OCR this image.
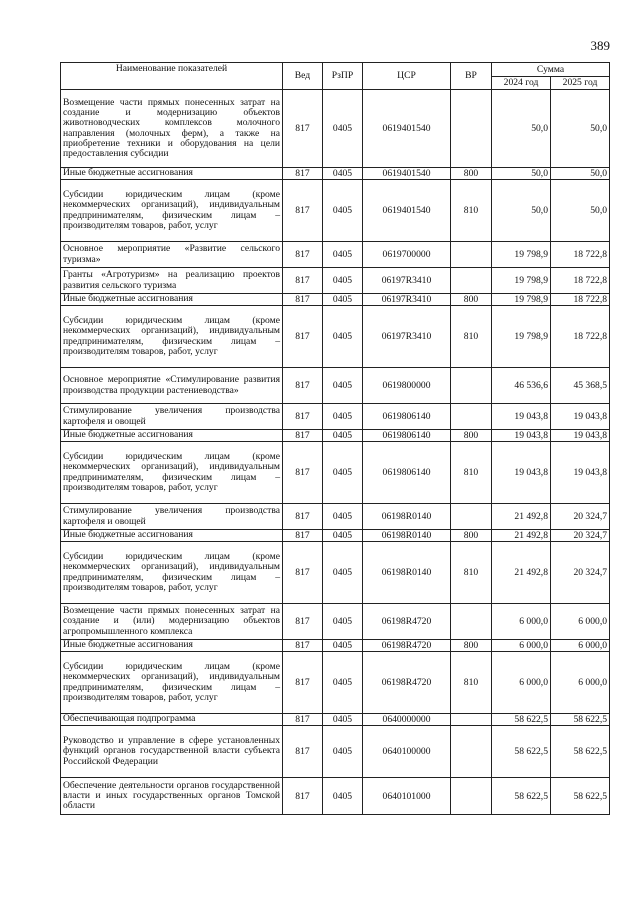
389
Наименование показателей	Вед	РзПР	ЦСР	ВР	Сумма	
					2024 год	2025 год
Возмещение части прямых понесенных затрат на создание и модернизацию объектов животноводческих комплексов молочного направления (молочных ферм), а также на приобретение техники и оборудования на цели предоставления субсидии	817	0405	0619401540		50,0	50,0
Иные бюджетные ассигнования	817	0405	0619401540	800	50,0	50,0
Субсидии юридическим лицам (кроме некоммерческих организаций), индивидуальным предпринимателям, физическим лицам – производителям товаров, работ, услуг	817	0405	0619401540	810	50,0	50,0
Основное мероприятие «Развитие сельского туризма»	817	0405	0619700000		19 798,9	18 722,8
Гранты «Агротуризм» на реализацию проектов развития сельского туризма	817	0405	06197R3410		19 798,9	18 722,8
Иные бюджетные ассигнования	817	0405	06197R3410	800	19 798,9	18 722,8
Субсидии юридическим лицам (кроме некоммерческих организаций), индивидуальным предпринимателям, физическим лицам – производителям товаров, работ, услуг	817	0405	06197R3410	810	19 798,9	18 722,8
Основное мероприятие «Стимулирование развития производства продукции растениеводства»	817	0405	0619800000		46 536,6	45 368,5
Стимулирование увеличения производства картофеля и овощей	817	0405	0619806140		19 043,8	19 043,8
Иные бюджетные ассигнования	817	0405	0619806140	800	19 043,8	19 043,8
Субсидии юридическим лицам (кроме некоммерческих организаций), индивидуальным предпринимателям, физическим лицам – производителям товаров, работ, услуг	817	0405	0619806140	810	19 043,8	19 043,8
Стимулирование увеличения производства картофеля и овощей	817	0405	06198R0140		21 492,8	20 324,7
Иные бюджетные ассигнования	817	0405	06198R0140	800	21 492,8	20 324,7
Субсидии юридическим лицам (кроме некоммерческих организаций), индивидуальным предпринимателям, физическим лицам – производителям товаров, работ, услуг	817	0405	06198R0140	810	21 492,8	20 324,7
Возмещение части прямых понесенных затрат на создание и (или) модернизацию объектов агропромышленного комплекса	817	0405	06198R4720		6 000,0	6 000,0
Иные бюджетные ассигнования	817	0405	06198R4720	800	6 000,0	6 000,0
Субсидии юридическим лицам (кроме некоммерческих организаций), индивидуальным предпринимателям, физическим лицам – производителям товаров, работ, услуг	817	0405	06198R4720	810	6 000,0	6 000,0
Обеспечивающая подпрограмма	817	0405	0640000000		58 622,5	58 622,5
Руководство и управление в сфере установленных функций органов государственной власти субъекта Российской Федерации	817	0405	0640100000		58 622,5	58 622,5
Обеспечение деятельности органов государственной власти и иных государственных органов Томской области	817	0405	0640101000		58 622,5	58 622,5
